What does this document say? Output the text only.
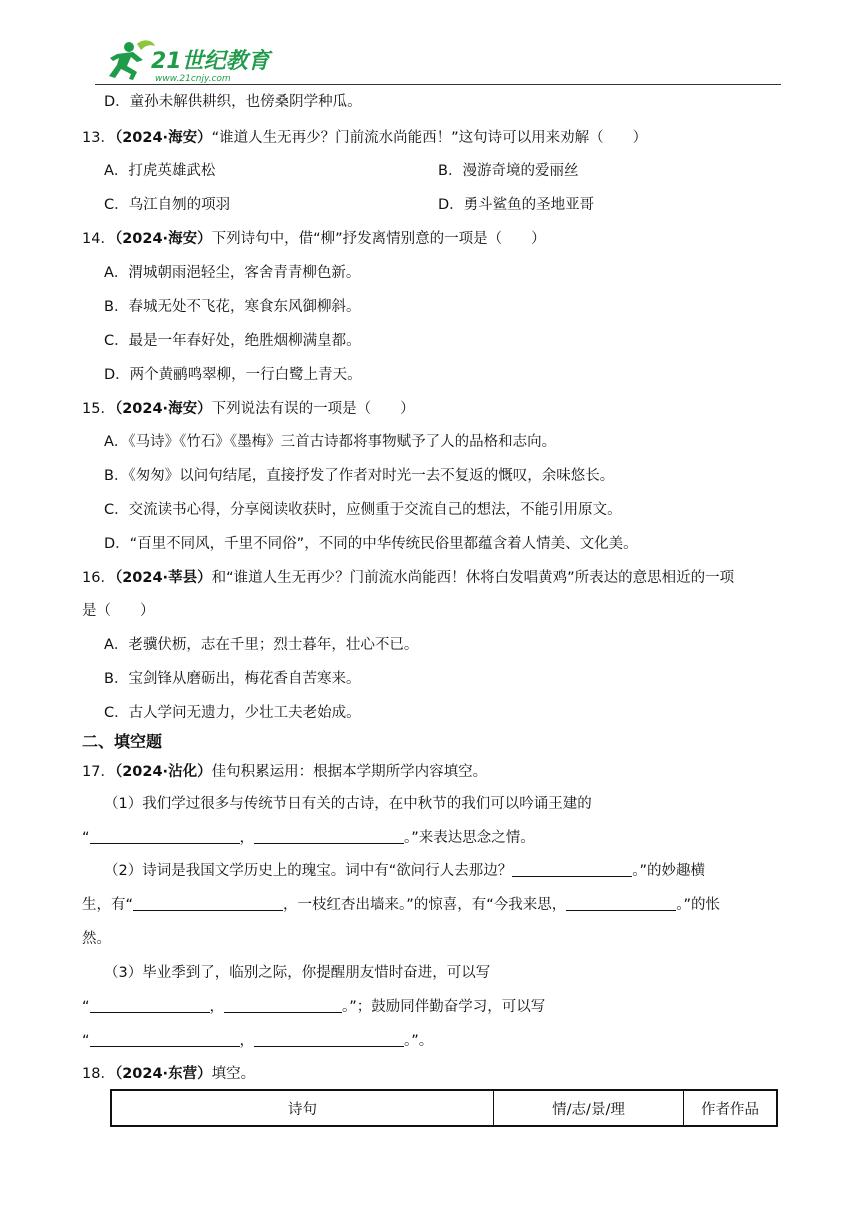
21世纪教育
www.21cnjy.com
D．童孙未解供耕织，也傍桑阴学种瓜。
13．（2024·海安）“谁道人生无再少？门前流水尚能西！”这句诗可以用来劝解（　　）
A．打虎英雄武松	B．漫游奇境的爱丽丝
C．乌江自刎的项羽	D．勇斗鲨鱼的圣地亚哥
14．（2024·海安）下列诗句中，借“柳”抒发离情别意的一项是（　　）
A．渭城朝雨浥轻尘，客舍青青柳色新。
B．春城无处不飞花，寒食东风御柳斜。
C．最是一年春好处，绝胜烟柳满皇都。
D．两个黄鹂鸣翠柳，一行白鹭上青天。
15．（2024·海安）下列说法有误的一项是（　　）
A．《马诗》《竹石》《墨梅》三首古诗都将事物赋予了人的品格和志向。
B．《匆匆》以问句结尾，直接抒发了作者对时光一去不复返的慨叹，余味悠长。
C．交流读书心得，分享阅读收获时，应侧重于交流自己的想法，不能引用原文。
D．“百里不同风，千里不同俗”，不同的中华传统民俗里都蕴含着人情美、文化美。
16．（2024·莘县）和“谁道人生无再少？门前流水尚能西！休将白发唱黄鸡”所表达的意思相近的一项
是（　　）
A．老骥伏枥，志在千里；烈士暮年，壮心不已。
B．宝剑锋从磨砺出，梅花香自苦寒来。
C．古人学问无遗力，少壮工夫老始成。
二、填空题
17．（2024·沾化）佳句积累运用：根据本学期所学内容填空。
（1）我们学过很多与传统节日有关的古诗，在中秋节的我们可以吟诵王建的
“	，	。”来表达思念之情。
（2）诗词是我国文学历史上的瑰宝。词中有“欲问行人去那边？	。”的妙趣横
生，有“	，一枝红杏出墙来。”的惊喜，有“今我来思，	。”的怅
然。
（3）毕业季到了，临别之际，你提醒朋友惜时奋进，可以写
“	，	。”；鼓励同伴勤奋学习，可以写
“	，	。”。
18．（2024·东营）填空。
诗句	情/志/景/理	作者作品
